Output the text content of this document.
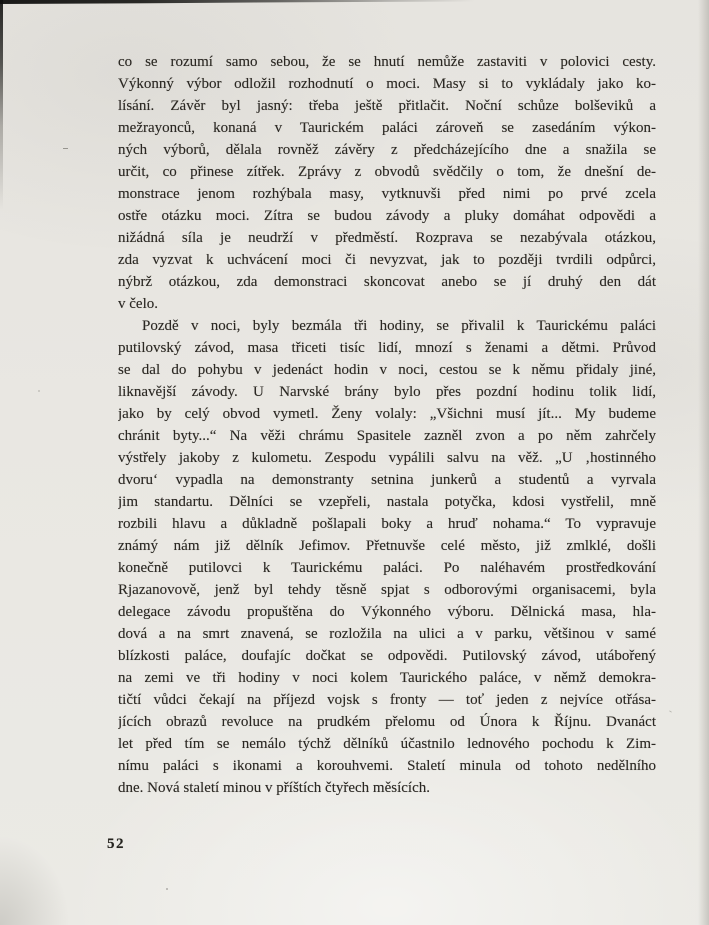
co se rozumí samo sebou, že se hnutí nemůže zastaviti v polovici cesty.
Výkonný výbor odložil rozhodnutí o moci. Masy si to vykládaly jako ko-
lísání. Závěr byl jasný: třeba ještě přitlačit. Noční schůze bolševiků a
mežrayonců, konaná v Taurickém paláci zároveň se zasedáním výkon-
ných výborů, dělala rovněž závěry z předcházejícího dne a snažila se
určit, co přinese zítřek. Zprávy z obvodů svědčily o tom, že dnešní de-
monstrace jenom rozhýbala masy, vytknuvši před nimi po prvé zcela
ostře otázku moci. Zítra se budou závody a pluky domáhat odpovědi a
nižádná síla je neudrží v předměstí. Rozprava se nezabývala otázkou,
zda vyzvat k uchvácení moci či nevyzvat, jak to později tvrdili odpůrci,
nýbrž otázkou, zda demonstraci skoncovat anebo se jí druhý den dát
v čelo.
Pozdě v noci, byly bezmála tři hodiny, se přivalil k Taurickému paláci
putilovský závod, masa třiceti tisíc lidí, mnozí s ženami a dětmi. Průvod
se dal do pohybu v jedenáct hodin v noci, cestou se k němu přidaly jiné,
liknavější závody. U Narvské brány bylo přes pozdní hodinu tolik lidí,
jako by celý obvod vymetl. Ženy volaly: „Všichni musí jít... My budeme
chránit byty...“ Na věži chrámu Spasitele zazněl zvon a po něm zahrčely
výstřely jakoby z kulometu. Zespodu vypálili salvu na věž. „U ‚hostinného
dvoru‘ vypadla na demonstranty setnina junkerů a studentů a vyrvala
jim standartu. Dělníci se vzepřeli, nastala potyčka, kdosi vystřelil, mně
rozbili hlavu a důkladně pošlapali boky a hruď nohama.“ To vypravuje
známý nám již dělník Jefimov. Přetnuvše celé město, již zmlklé, došli
konečně putilovci k Taurickému paláci. Po naléhavém prostředkování
Rjazanovově, jenž byl tehdy těsně spjat s odborovými organisacemi, byla
delegace závodu propuštěna do Výkonného výboru. Dělnická masa, hla-
dová a na smrt znavená, se rozložila na ulici a v parku, většinou v samé
blízkosti paláce, doufajíc dočkat se odpovědi. Putilovský závod, utábořený
na zemi ve tři hodiny v noci kolem Taurického paláce, v němž demokra-
tičtí vůdci čekají na příjezd vojsk s fronty — toť jeden z nejvíce otřása-
jících obrazů revoluce na prudkém přelomu od Února k Říjnu. Dvanáct
let před tím se nemálo týchž dělníků účastnilo lednového pochodu k Zim-
nímu paláci s ikonami a korouhvemi. Staletí minula od tohoto nedělního
dne. Nová staletí minou v příštích čtyřech měsících.
52
